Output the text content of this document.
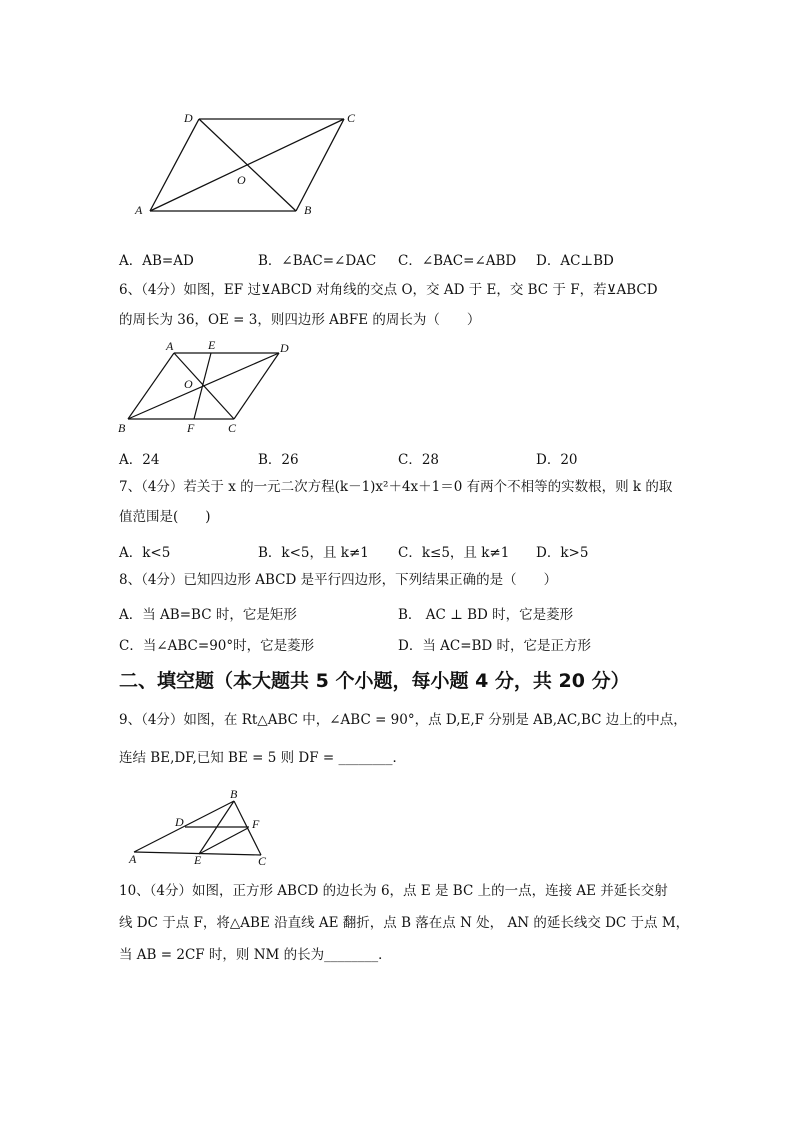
D	C
A	B
O
A．AB=AD	B．∠BAC=∠DAC C．∠BAC=∠ABD D．AC⊥BD
6、（4分）如图，EF 过⊻ABCD 对角线的交点 O，交 AD 于 E，交 BC 于 F，若⊻ABCD
的周长为 36，OE = 3，则四边形 ABFE 的周长为（　　）
A	E	D
O
B	F	C
A．24	B．26	C．28	D．20
7、（4分）若关于 x 的一元二次方程(k－1)x²＋4x＋1＝0 有两个不相等的实数根，则 k 的取
值范围是(　　)
A．k<5	B．k<5，且 k≠1 C．k≤5，且 k≠1 D．k>5
8、（4分）已知四边形 ABCD 是平行四边形，下列结果正确的是（　　）
A．当 AB=BC 时，它是矩形	B． AC ⊥ BD 时，它是菱形
C．当∠ABC=90°时，它是菱形	D．当 AC=BD 时，它是正方形
二、填空题（本大题共 5 个小题，每小题 4 分，共 20 分）
9、（4分）如图，在 Rt△ABC 中，∠ABC = 90°，点 D,E,F 分别是 AB,AC,BC 边上的中点，
连结 BE,DF,已知 BE = 5 则 DF = ________．
B
D	F
A	E	C
10、（4分）如图，正方形 ABCD 的边长为 6，点 E 是 BC 上的一点，连接 AE 并延长交射
线 DC 于点 F，将△ABE 沿直线 AE 翻折，点 B 落在点 N 处， AN 的延长线交 DC 于点 M，
当 AB = 2CF 时，则 NM 的长为________．
